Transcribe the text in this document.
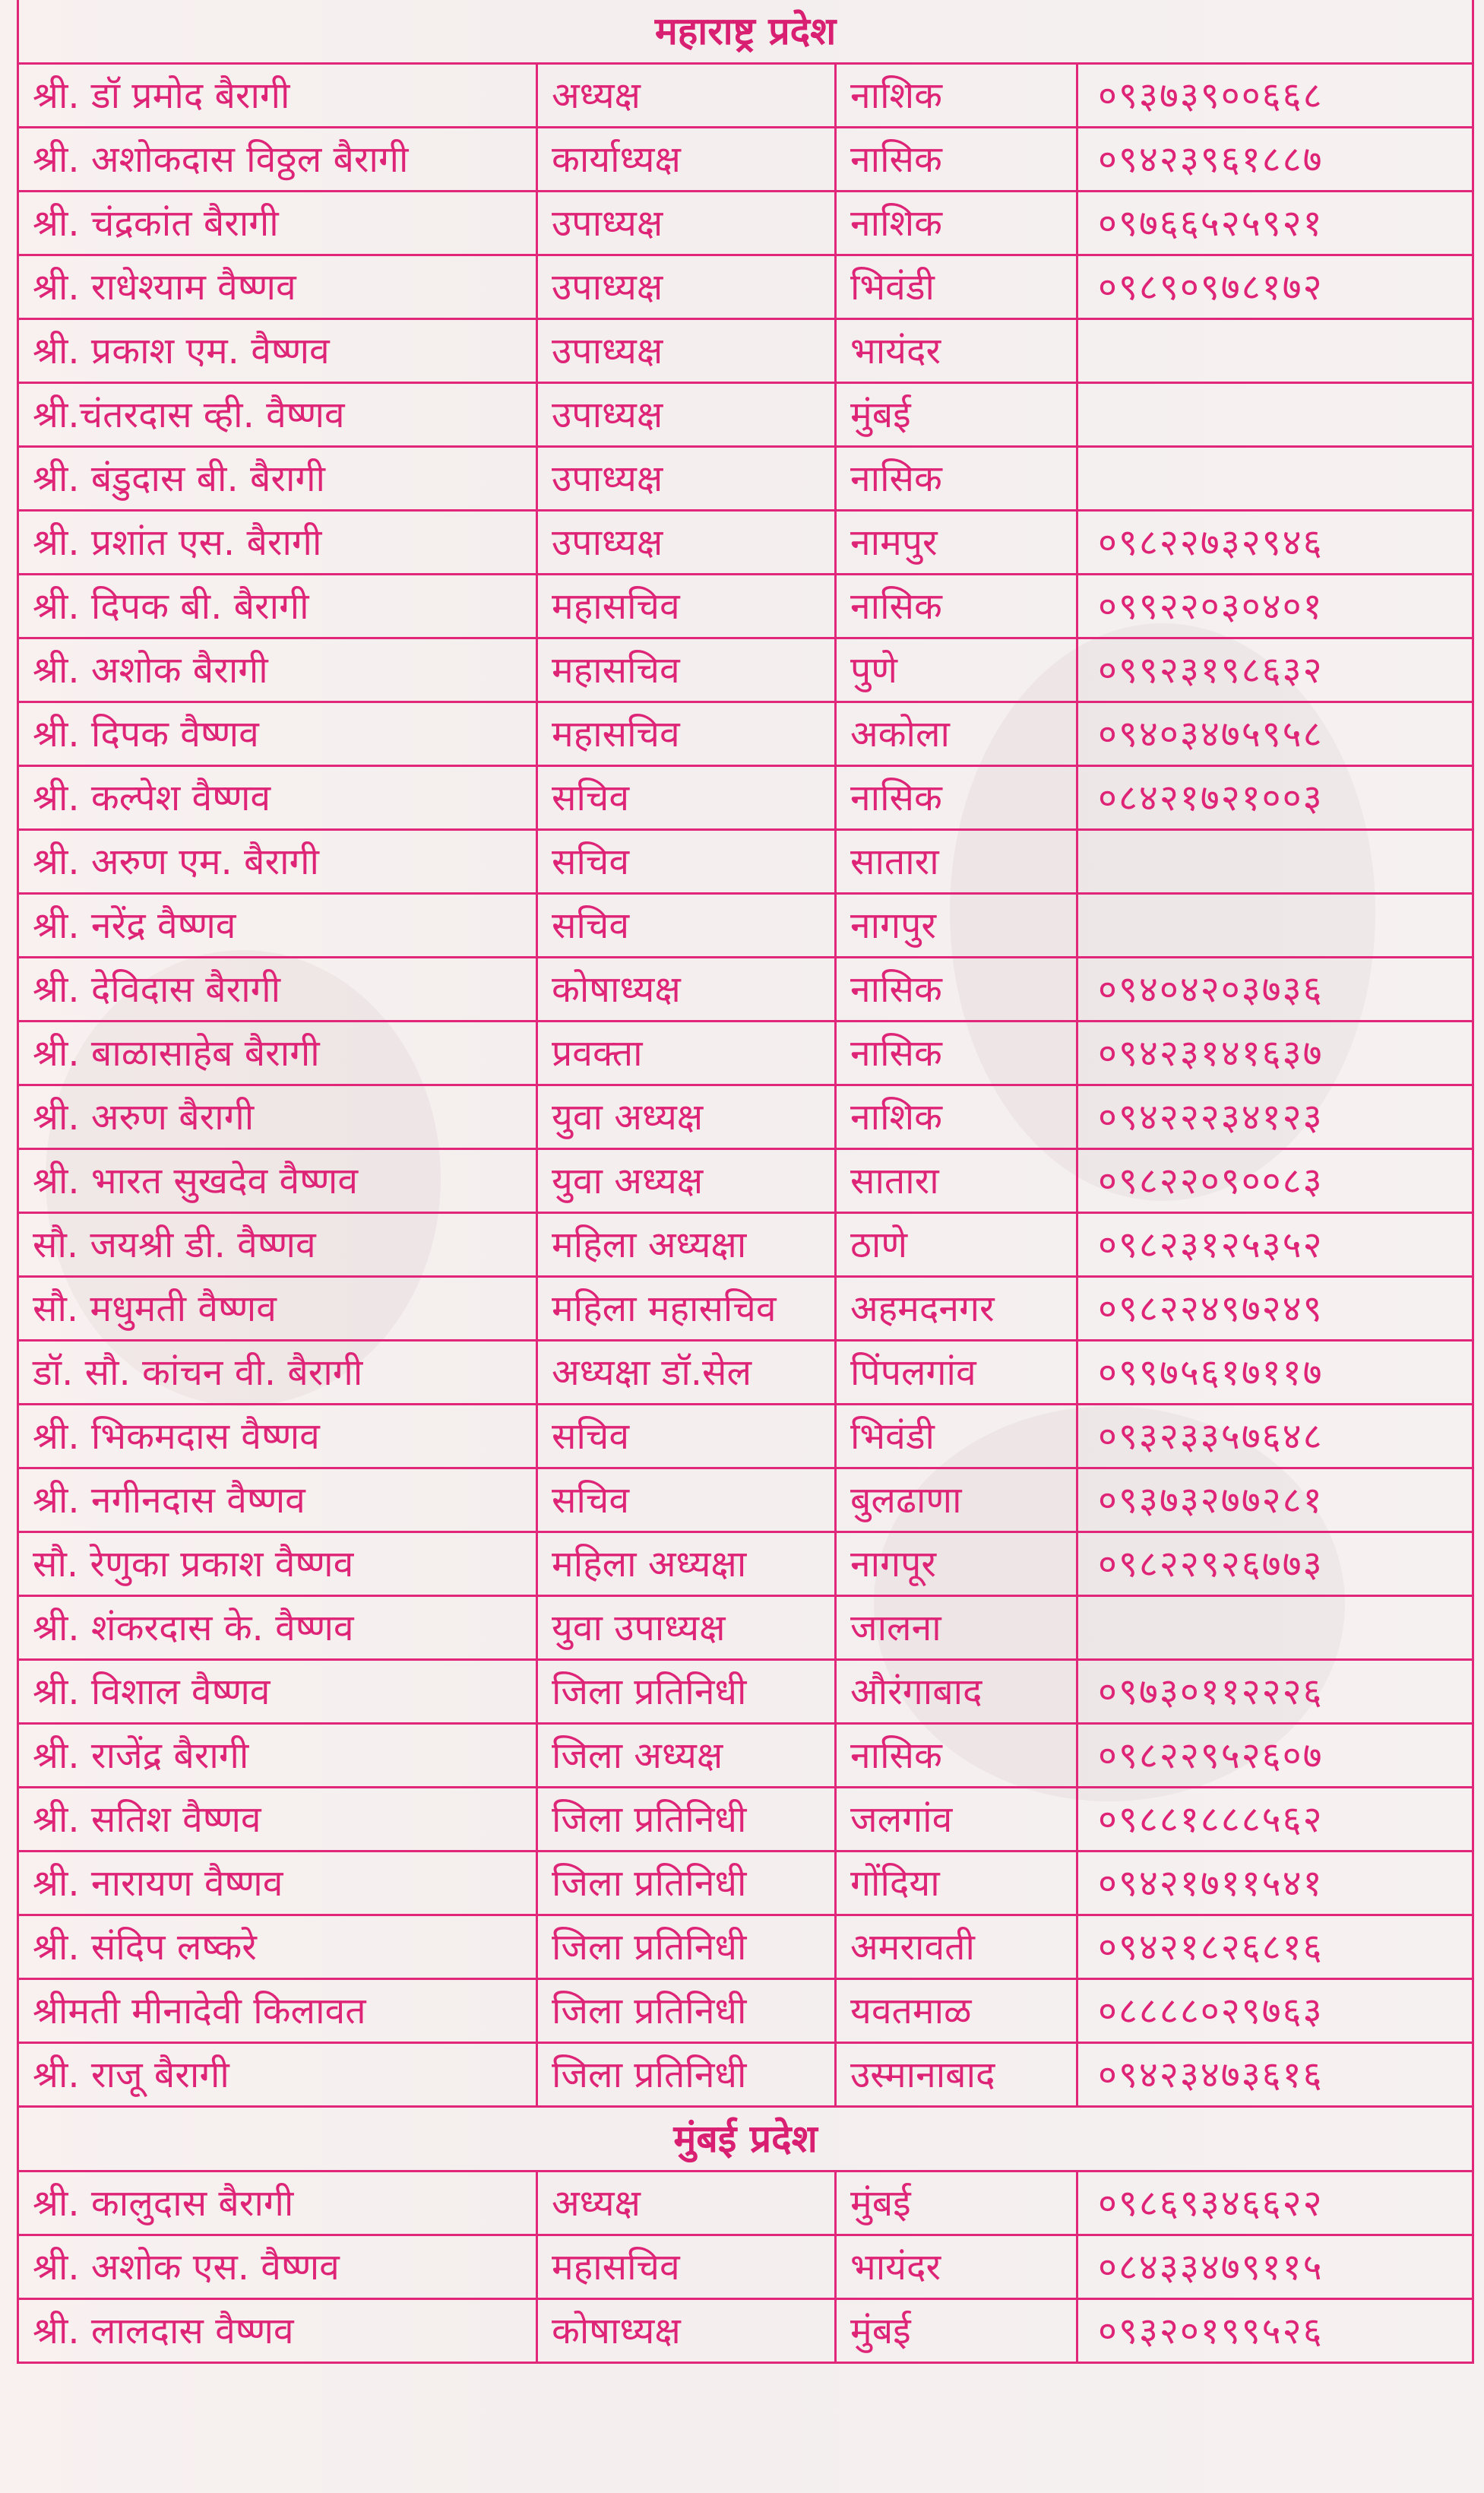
महाराष्ट्र प्रदेश			
श्री. डॉ प्रमोद बैरागी	अध्यक्ष	नाशिक	०९३७३९००६६८
श्री. अशोकदास विठ्ठल बैरागी	कार्याध्यक्ष	नासिक	०९४२३९६१८८७
श्री. चंद्रकांत बैरागी	उपाध्यक्ष	नाशिक	०९७६६५२५९२१
श्री. राधेश्याम वैष्णव	उपाध्यक्ष	भिवंडी	०९८९०९७८१७२
श्री. प्रकाश एम. वैष्णव	उपाध्यक्ष	भायंदर	
श्री.चंतरदास व्ही. वैष्णव	उपाध्यक्ष	मुंबई	
श्री. बंडुदास बी. बैरागी	उपाध्यक्ष	नासिक	
श्री. प्रशांत एस. बैरागी	उपाध्यक्ष	नामपुर	०९८२२७३२९४६
श्री. दिपक बी. बैरागी	महासचिव	नासिक	०९९२२०३०४०१
श्री. अशोक बैरागी	महासचिव	पुणे	०९९२३१९८६३२
श्री. दिपक वैष्णव	महासचिव	अकोला	०९४०३४७५९५८
श्री. कल्पेश वैष्णव	सचिव	नासिक	०८४२१७२१००३
श्री. अरुण एम. बैरागी	सचिव	सातारा	
श्री. नरेंद्र वैष्णव	सचिव	नागपुर	
श्री. देविदास बैरागी	कोषाध्यक्ष	नासिक	०९४०४२०३७३६
श्री. बाळासाहेब बैरागी	प्रवक्ता	नासिक	०९४२३१४१६३७
श्री. अरुण बैरागी	युवा अध्यक्ष	नाशिक	०९४२२२३४१२३
श्री. भारत सुखदेव वैष्णव	युवा अध्यक्ष	सातारा	०९८२२०९००८३
सौ. जयश्री डी. वैष्णव	महिला अध्यक्षा	ठाणे	०९८२३१२५३५२
सौ. मधुमती वैष्णव	महिला महासचिव	अहमदनगर	०९८२२४९७२४९
डॉ. सौ. कांचन वी. बैरागी	अध्यक्षा डॉ.सेल	पिंपलगांव	०९९७५६१७११७
श्री. भिकमदास वैष्णव	सचिव	भिवंडी	०९३२३३५७६४८
श्री. नगीनदास वैष्णव	सचिव	बुलढाणा	०९३७३२७७२८१
सौ. रेणुका प्रकाश वैष्णव	महिला अध्यक्षा	नागपूर	०९८२२९२६७७३
श्री. शंकरदास के. वैष्णव	युवा उपाध्यक्ष	जालना	
श्री. विशाल वैष्णव	जिला प्रतिनिधी	औरंगाबाद	०९७३०११२२२६
श्री. राजेंद्र बैरागी	जिला अध्यक्ष	नासिक	०९८२२९५२६०७
श्री. सतिश वैष्णव	जिला प्रतिनिधी	जलगांव	०९८८१८८८५६२
श्री. नारायण वैष्णव	जिला प्रतिनिधी	गोंदिया	०९४२१७११५४१
श्री. संदिप लष्करे	जिला प्रतिनिधी	अमरावती	०९४२१८२६८१६
श्रीमती मीनादेवी किलावत	जिला प्रतिनिधी	यवतमाळ	०८८८८०२९७६३
श्री. राजू बैरागी	जिला प्रतिनिधी	उस्मानाबाद	०९४२३४७३६१६
मुंबई प्रदेश			
श्री. कालुदास बैरागी	अध्यक्ष	मुंबई	०९८६९३४६६२२
श्री. अशोक एस. वैष्णव	महासचिव	भायंदर	०८४३३४७९११५
श्री. लालदास वैष्णव	कोषाध्यक्ष	मुंबई	०९३२०१९९५२६
